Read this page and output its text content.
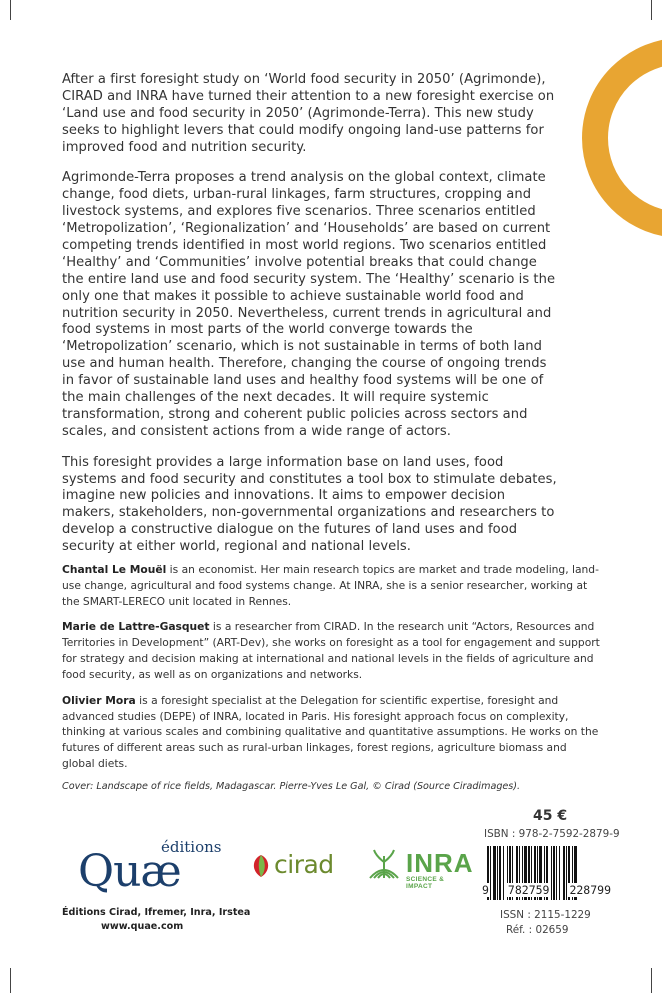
After a first foresight study on ‘World food security in 2050’ (Agrimonde), CIRAD and INRA have turned their attention to a new foresight exercise on ‘Land use and food security in 2050’ (Agrimonde-Terra). This new study seeks to highlight levers that could modify ongoing land-use patterns for improved food and nutrition security.

Agrimonde-Terra proposes a trend analysis on the global context, climate change, food diets, urban-rural linkages, farm structures, cropping and livestock systems, and explores five scenarios. Three scenarios entitled ‘Metropolization’, ‘Regionalization’ and ‘Households’ are based on current competing trends identified in most world regions. Two scenarios entitled ‘Healthy’ and ‘Communities’ involve potential breaks that could change the entire land use and food security system. The ‘Healthy’ scenario is the only one that makes it possible to achieve sustainable world food and nutrition security in 2050. Nevertheless, current trends in agricultural and food systems in most parts of the world converge towards the ‘Metropolization’ scenario, which is not sustainable in terms of both land use and human health. Therefore, changing the course of ongoing trends in favor of sustainable land uses and healthy food systems will be one of the main challenges of the next decades. It will require systemic transformation, strong and coherent public policies across sectors and scales, and consistent actions from a wide range of actors.

This foresight provides a large information base on land uses, food systems and food security and constitutes a tool box to stimulate debates, imagine new policies and innovations. It aims to empower decision makers, stakeholders, non-governmental organizations and researchers to develop a constructive dialogue on the futures of land uses and food security at either world, regional and national levels.

Chantal Le Mouël is an economist. Her main research topics are market and trade modeling, land-use change, agricultural and food systems change. At INRA, she is a senior researcher, working at the SMART-LERECO unit located in Rennes.

Marie de Lattre-Gasquet is a researcher from CIRAD. In the research unit “Actors, Resources and Territories in Development” (ART-Dev), she works on foresight as a tool for engagement and support for strategy and decision making at international and national levels in the fields of agriculture and food security, as well as on organizations and networks.

Olivier Mora is a foresight specialist at the Delegation for scientific expertise, foresight and advanced studies (DEPE) of INRA, located in Paris. His foresight approach focus on complexity, thinking at various scales and combining qualitative and quantitative assumptions. He works on the futures of different areas such as rural-urban linkages, forest regions, agriculture biomass and global diets.

Cover: Landscape of rice fields, Madagascar. Pierre-Yves Le Gal, © Cirad (Source Ciradimages).
45 €
ISBN : 978-2-7592-2879-9
9 782759 228799
ISSN : 2115-1229
Réf. : 02659
éditions
Quæ
Éditions Cirad, Ifremer, Inra, Irstea
www.quae.com
cirad	INRA
SCIENCE & IMPACT
